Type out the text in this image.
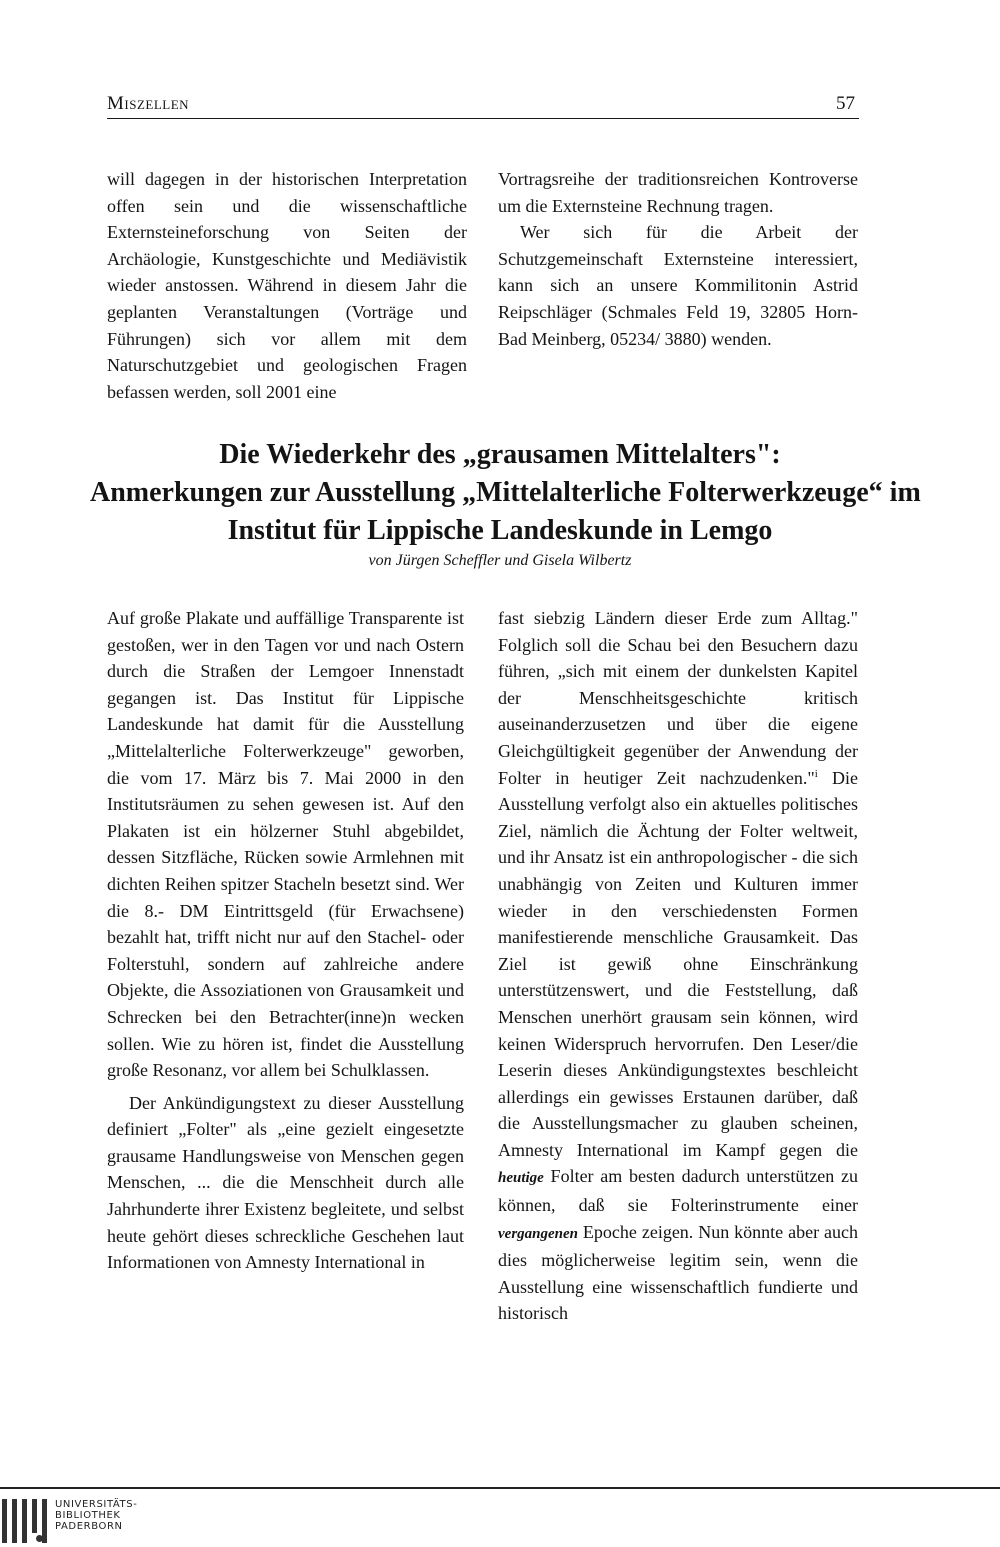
Miszellen	57

will dagegen in der historischen Interpretation offen sein und die wissenschaftliche Externsteineforschung von Seiten der Archäologie, Kunstgeschichte und Mediävistik wieder anstossen. Während in diesem Jahr die geplanten Veranstaltungen (Vorträge und Führungen) sich vor allem mit dem Naturschutzgebiet und geologischen Fragen befassen werden, soll 2001 eine

Vortragsreihe der traditionsreichen Kontroverse um die Externsteine Rechnung tragen.

Wer sich für die Arbeit der Schutzgemeinschaft Externsteine interessiert, kann sich an unsere Kommilitonin Astrid Reipschläger (Schmales Feld 19, 32805 Horn-Bad Meinberg, 05234/ 3880) wenden.

Die Wiederkehr des „grausamen Mittelalters":
Anmerkungen zur Ausstellung „Mittelalterliche Folterwerkzeuge“ im
Institut für Lippische Landeskunde in Lemgo
von Jürgen Scheffler und Gisela Wilbertz

Auf große Plakate und auffällige Transparente ist gestoßen, wer in den Tagen vor und nach Ostern durch die Straßen der Lemgoer Innenstadt gegangen ist. Das Institut für Lippische Landeskunde hat damit für die Ausstellung „Mittelalterliche Folterwerkzeuge" geworben, die vom 17. März bis 7. Mai 2000 in den Institutsräumen zu sehen gewesen ist. Auf den Plakaten ist ein hölzerner Stuhl abgebildet, dessen Sitzfläche, Rücken sowie Armlehnen mit dichten Reihen spitzer Stacheln besetzt sind. Wer die 8.- DM Eintrittsgeld (für Erwachsene) bezahlt hat, trifft nicht nur auf den Stachel- oder Folterstuhl, sondern auf zahlreiche andere Objekte, die Assoziationen von Grausamkeit und Schrecken bei den Betrachter(inne)n wecken sollen. Wie zu hören ist, findet die Ausstellung große Resonanz, vor allem bei Schulklassen.

Der Ankündigungstext zu dieser Ausstellung definiert „Folter" als „eine gezielt eingesetzte grausame Handlungsweise von Menschen gegen Menschen, ... die die Menschheit durch alle Jahrhunderte ihrer Existenz begleitete, und selbst heute gehört dieses schreckliche Geschehen laut Informationen von Amnesty International in

fast siebzig Ländern dieser Erde zum Alltag." Folglich soll die Schau bei den Besuchern dazu führen, „sich mit einem der dunkelsten Kapitel der Menschheitsgeschichte kritisch auseinanderzusetzen und über die eigene Gleichgültigkeit gegenüber der Anwendung der Folter in heutiger Zeit nachzudenken."$^i$ Die Ausstellung verfolgt also ein aktuelles politisches Ziel, nämlich die Ächtung der Folter weltweit, und ihr Ansatz ist ein anthropologischer - die sich unabhängig von Zeiten und Kulturen immer wieder in den verschiedensten Formen manifestierende menschliche Grausamkeit. Das Ziel ist gewiß ohne Einschränkung unterstützenswert, und die Feststellung, daß Menschen unerhört grausam sein können, wird keinen Widerspruch hervorrufen. Den Leser/die Leserin dieses Ankündigungstextes beschleicht allerdings ein gewisses Erstaunen darüber, daß die Ausstellungsmacher zu glauben scheinen, Amnesty International im Kampf gegen die heutige Folter am besten dadurch unterstützen zu können, daß sie Folterinstrumente einer vergangenen Epoche zeigen. Nun könnte aber auch dies möglicherweise legitim sein, wenn die Ausstellung eine wissenschaftlich fundierte und historisch

UNIVERSITÄTS-
BIBLIOTHEK
PADERBORN
